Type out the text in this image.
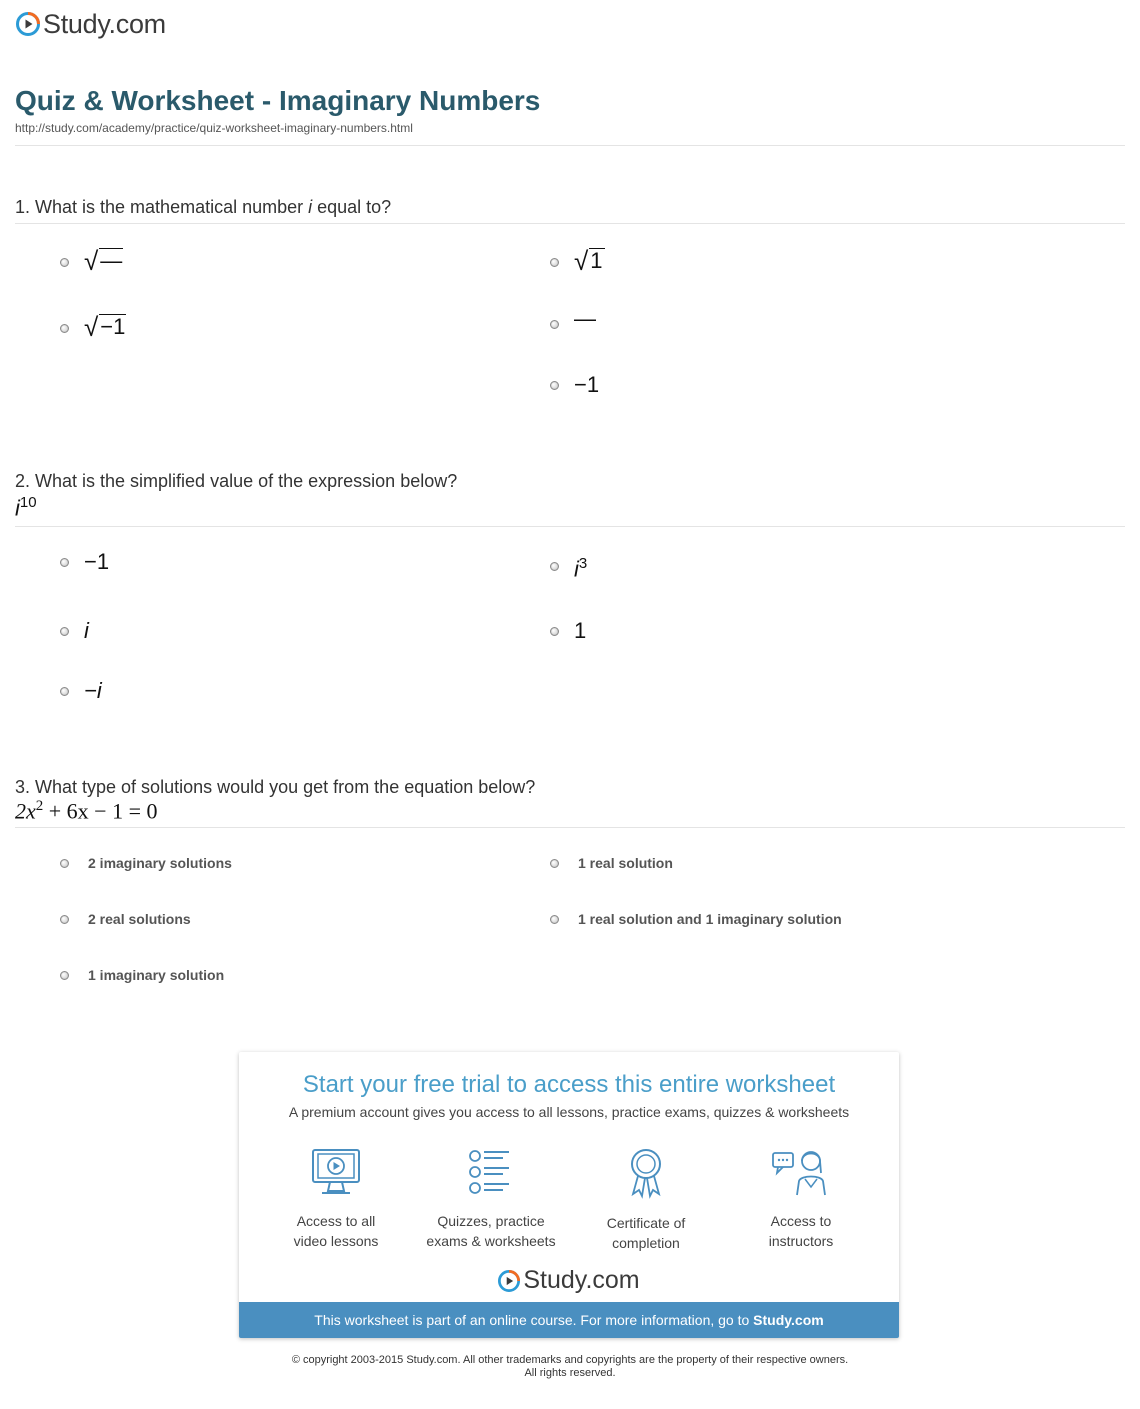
Study.com
Quiz & Worksheet - Imaginary Numbers
http://study.com/academy/practice/quiz-worksheet-imaginary-numbers.html
1. What is the mathematical number i equal to?
√ —	√ 1
√ −1	—
−1
2. What is the simplified value of the expression below?
$i^{10}$
−1	$i^3$
i	1
−i
3. What type of solutions would you get from the equation below?
$2x^2 + 6x - 1 = 0$
2 imaginary solutions	1 real solution
2 real solutions	1 real solution and 1 imaginary solution
1 imaginary solution
Start your free trial to access this entire worksheet
A premium account gives you access to all lessons, practice exams, quizzes & worksheets
Access to all
video lessons
Quizzes, practice
exams & worksheets
Certificate of
completion
Access to
instructors
Study.com
This worksheet is part of an online course. For more information, go to Study.com
© copyright 2003-2015 Study.com. All other trademarks and copyrights are the property of their respective owners.
All rights reserved.
